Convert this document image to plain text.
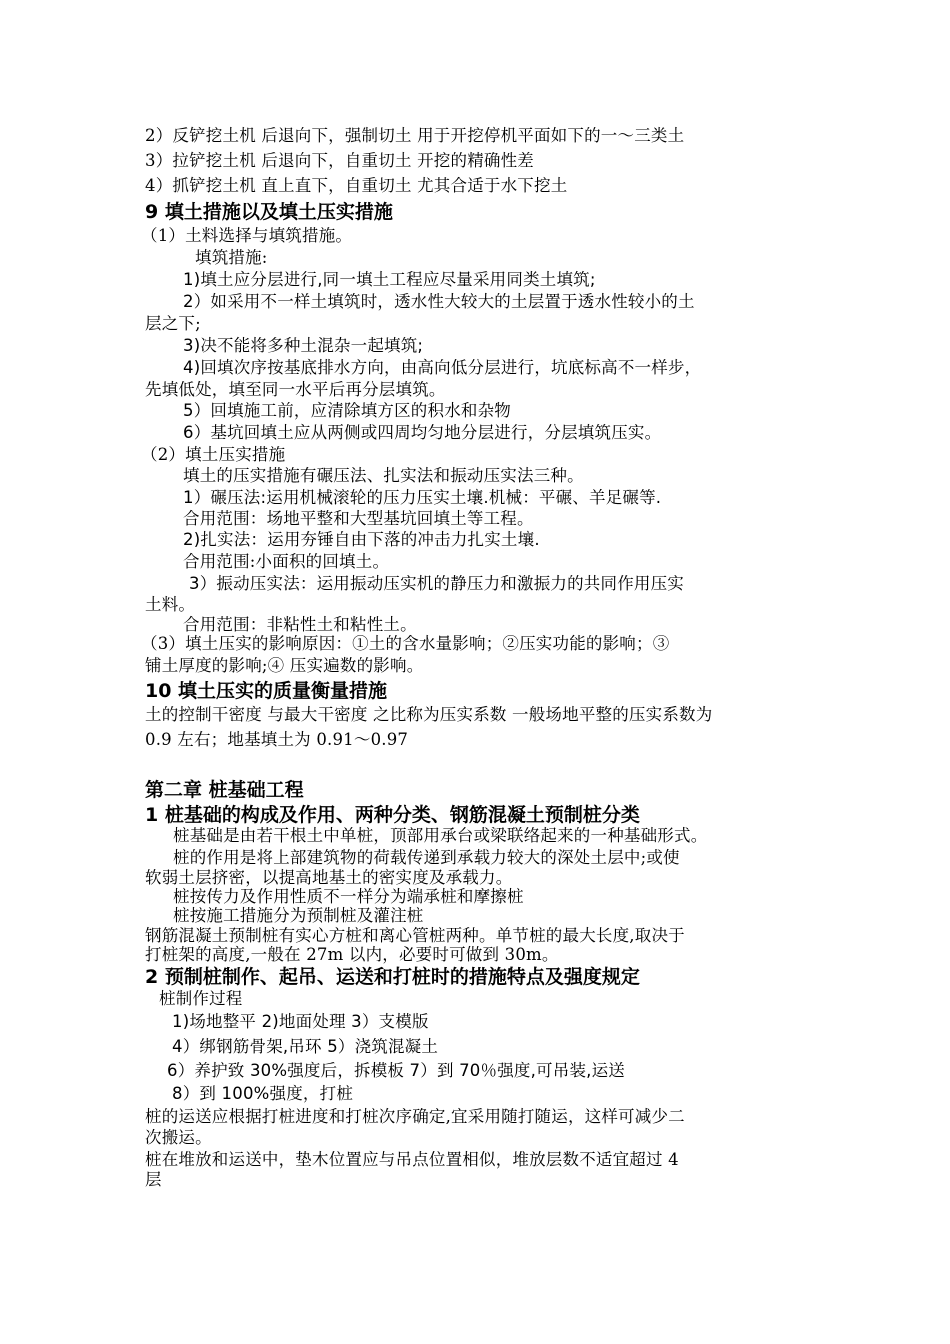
2）反铲挖土机 后退向下，强制切土 用于开挖停机平面如下的一～三类土
3）拉铲挖土机 后退向下，自重切土 开挖的精确性差
4）抓铲挖土机 直上直下，自重切土 尤其合适于水下挖土
9 填土措施以及填土压实措施
（1）土料选择与填筑措施。
填筑措施:
1)填土应分层进行,同一填土工程应尽量采用同类土填筑;
2）如采用不一样土填筑时，透水性大较大的土层置于透水性较小的土
层之下;
3)决不能将多种土混杂一起填筑;
4)回填次序按基底排水方向，由高向低分层进行，坑底标高不一样步，
先填低处，填至同一水平后再分层填筑。
5）回填施工前，应清除填方区的积水和杂物
6）基坑回填土应从两侧或四周均匀地分层进行，分层填筑压实。
（2）填土压实措施
填土的压实措施有碾压法、扎实法和振动压实法三种。
1）碾压法:运用机械滚轮的压力压实土壤.机械：平碾、羊足碾等.
合用范围：场地平整和大型基坑回填土等工程。
2)扎实法：运用夯锤自由下落的冲击力扎实土壤.
合用范围:小面积的回填土。
3）振动压实法：运用振动压实机的静压力和激振力的共同作用压实
土料。
合用范围：非粘性土和粘性土。
（3）填土压实的影响原因：①土的含水量影响；②压实功能的影响；③
铺土厚度的影响;④ 压实遍数的影响。
10 填土压实的质量衡量措施
土的控制干密度 与最大干密度 之比称为压实系数 一般场地平整的压实系数为
0.9 左右；地基填土为 0.91～0.97
第二章 桩基础工程
1 桩基础的构成及作用、两种分类、钢筋混凝土预制桩分类
桩基础是由若干根土中单桩，顶部用承台或梁联络起来的一种基础形式。
桩的作用是将上部建筑物的荷载传递到承载力较大的深处土层中;或使
软弱土层挤密，以提高地基土的密实度及承载力。
桩按传力及作用性质不一样分为端承桩和摩擦桩
桩按施工措施分为预制桩及灌注桩
钢筋混凝土预制桩有实心方桩和离心管桩两种。单节桩的最大长度,取决于
打桩架的高度,一般在 27m 以内，必要时可做到 30m。
2 预制桩制作、起吊、运送和打桩时的措施特点及强度规定
桩制作过程
1)场地整平 2)地面处理 3）支模版
4）绑钢筋骨架,吊环 5）浇筑混凝土
6）养护致 30%强度后，拆模板 7）到 70％强度,可吊装,运送
8）到 100%强度，打桩
桩的运送应根据打桩进度和打桩次序确定,宜采用随打随运，这样可减少二
次搬运。
桩在堆放和运送中，垫木位置应与吊点位置相似，堆放层数不适宜超过 4
层
